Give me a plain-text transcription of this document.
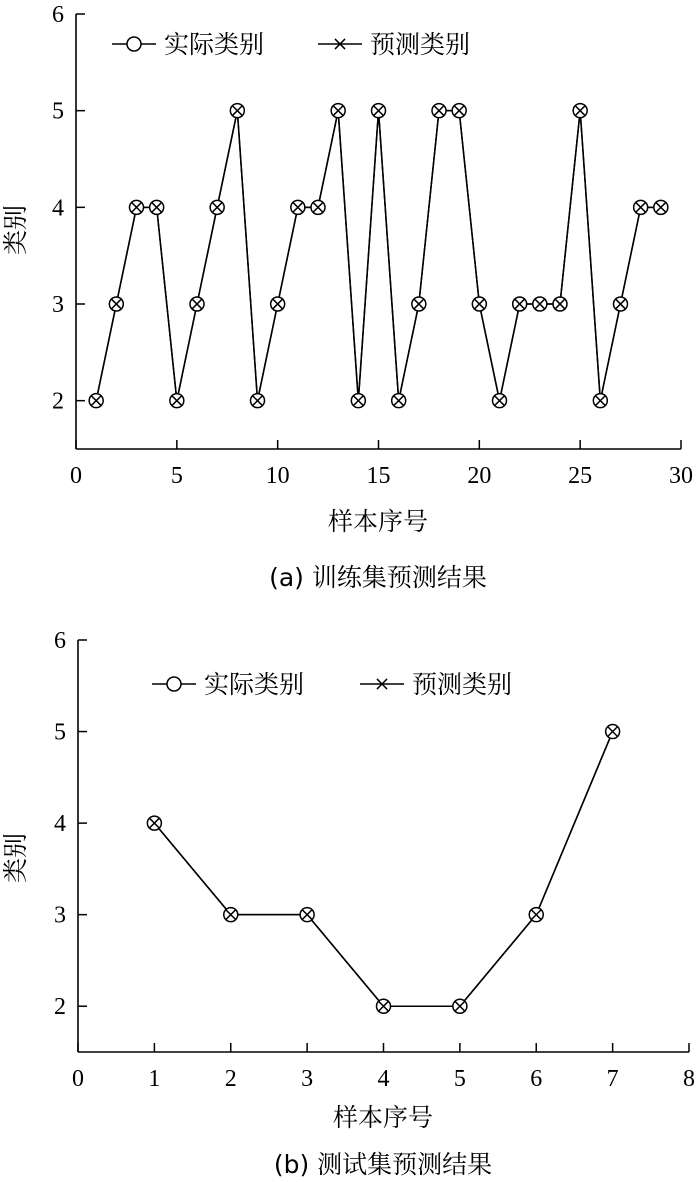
0	5	10	15	20	25	30
2
3
4
5
6
实际类别	预测类别
样本序号
类别
(a) 训练集预测结果
0	1	2	3	4	5	6	7	8
2
3
4
5
6
实际类别	预测类别
样本序号
类别
(b) 测试集预测结果
